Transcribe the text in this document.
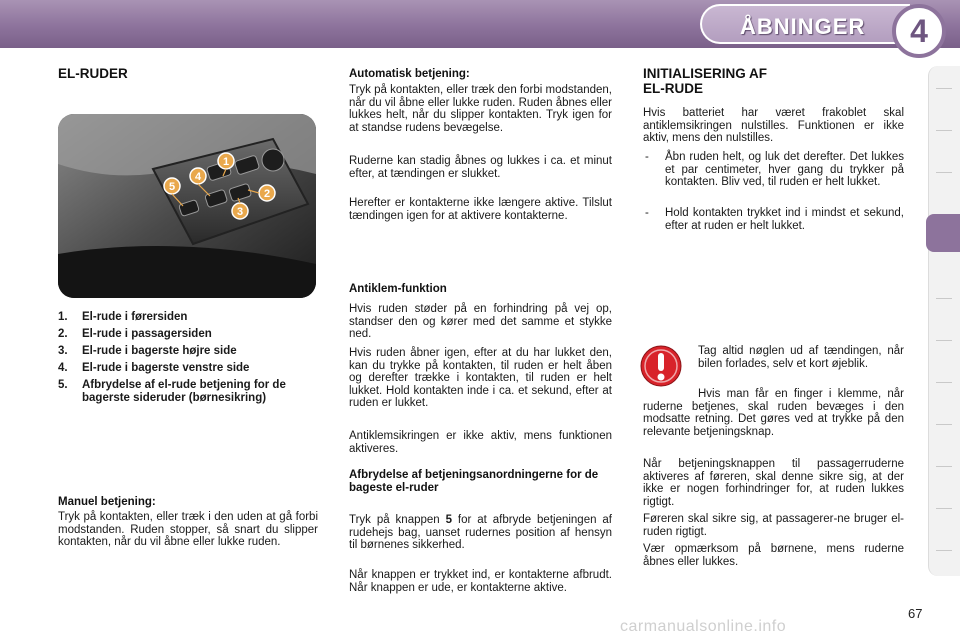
ÅBNINGER	4
EL-RUDER
1
2
3
4
5
1. El-rude i førersiden
2. El-rude i passagersiden
3. El-rude i bagerste højre side
4. El-rude i bagerste venstre side
5. Afbrydelse af el-rude betjening for de bagerste sideruder (børnesikring)
Manuel betjening:
Tryk på kontakten, eller træk i den uden at gå forbi modstanden. Ruden stopper, så snart du slipper kontakten, når du vil åbne eller lukke ruden.
Automatisk betjening:
Tryk på kontakten, eller træk den forbi modstanden, når du vil åbne eller lukke ruden. Ruden åbnes eller lukkes helt, når du slipper kontakten. Tryk igen for at standse rudens bevægelse.
Ruderne kan stadig åbnes og lukkes i ca. et minut efter, at tændingen er slukket.
Herefter er kontakterne ikke længere aktive. Tilslut tændingen igen for at aktivere kontakterne.
Antiklem-funktion
Hvis ruden støder på en forhindring på vej op, standser den og kører med det samme et stykke ned.
Hvis ruden åbner igen, efter at du har lukket den, kan du trykke på kontakten, til ruden er helt åben og derefter trække i kontakten, til ruden er helt lukket. Hold kontakten inde i ca. et sekund, efter at ruden er lukket.
Antiklemsikringen er ikke aktiv, mens funktionen aktiveres.
Afbrydelse af betjeningsanordningerne for de bageste el-ruder
Tryk på knappen 5 for at afbryde betjeningen af rudehejs bag, uanset rudernes position af hensyn til børnenes sikkerhed.
Når knappen er trykket ind, er kontakterne afbrudt. Når knappen er ude, er kontakterne aktive.
INITIALISERING AF
EL-RUDE
Hvis batteriet har været frakoblet skal antiklemsikringen nulstilles. Funktionen er ikke aktiv, mens den nulstilles.
- Åbn ruden helt, og luk det derefter. Det lukkes et par centimeter, hver gang du trykker på kontakten. Bliv ved, til ruden er helt lukket.
- Hold kontakten trykket ind i mindst et sekund, efter at ruden er helt lukket.
Tag altid nøglen ud af tændingen, når bilen forlades, selv et kort øjeblik.
Hvis man får en finger i klemme, når ruderne betjenes, skal ruden bevæges i den modsatte retning. Det gøres ved at trykke på den relevante betjeningsknap.
Når betjeningsknappen til passagerruderne aktiveres af føreren, skal denne sikre sig, at der ikke er nogen forhindringer for, at ruden lukkes rigtigt.
Føreren skal sikre sig, at passagerer-ne bruger el-ruden rigtigt.
Vær opmærksom på børnene, mens ruderne åbnes eller lukkes.
carmanualsonline.info
67
